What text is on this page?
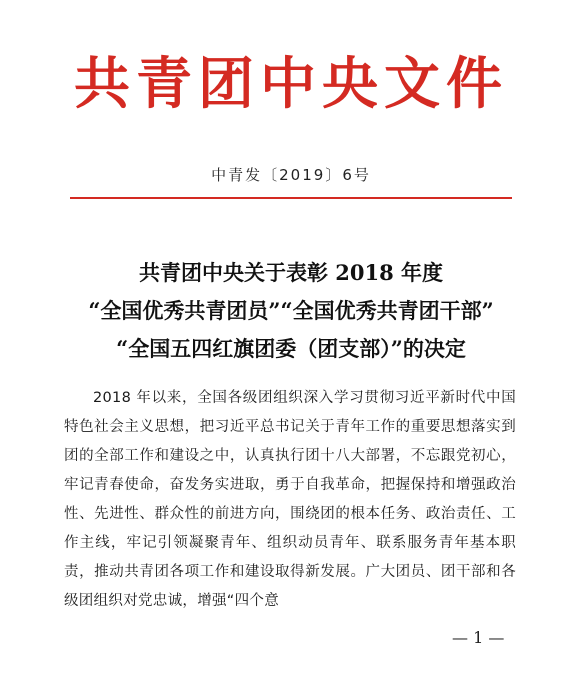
共青团中央文件
中青发〔2019〕6号
共青团中央关于表彰 2018 年度
“全国优秀共青团员”“全国优秀共青团干部”
“全国五四红旗团委（团支部）”的决定

2018 年以来，全国各级团组织深入学习贯彻习近平新时代中国特色社会主义思想，把习近平总书记关于青年工作的重要思想落实到团的全部工作和建设之中，认真执行团十八大部署，不忘跟党初心，牢记青春使命，奋发务实进取，勇于自我革命，把握保持和增强政治性、先进性、群众性的前进方向，围绕团的根本任务、政治责任、工作主线，牢记引领凝聚青年、组织动员青年、联系服务青年基本职责，推动共青团各项工作和建设取得新发展。广大团员、团干部和各级团组织对党忠诚，增强“四个意

— 1 —
